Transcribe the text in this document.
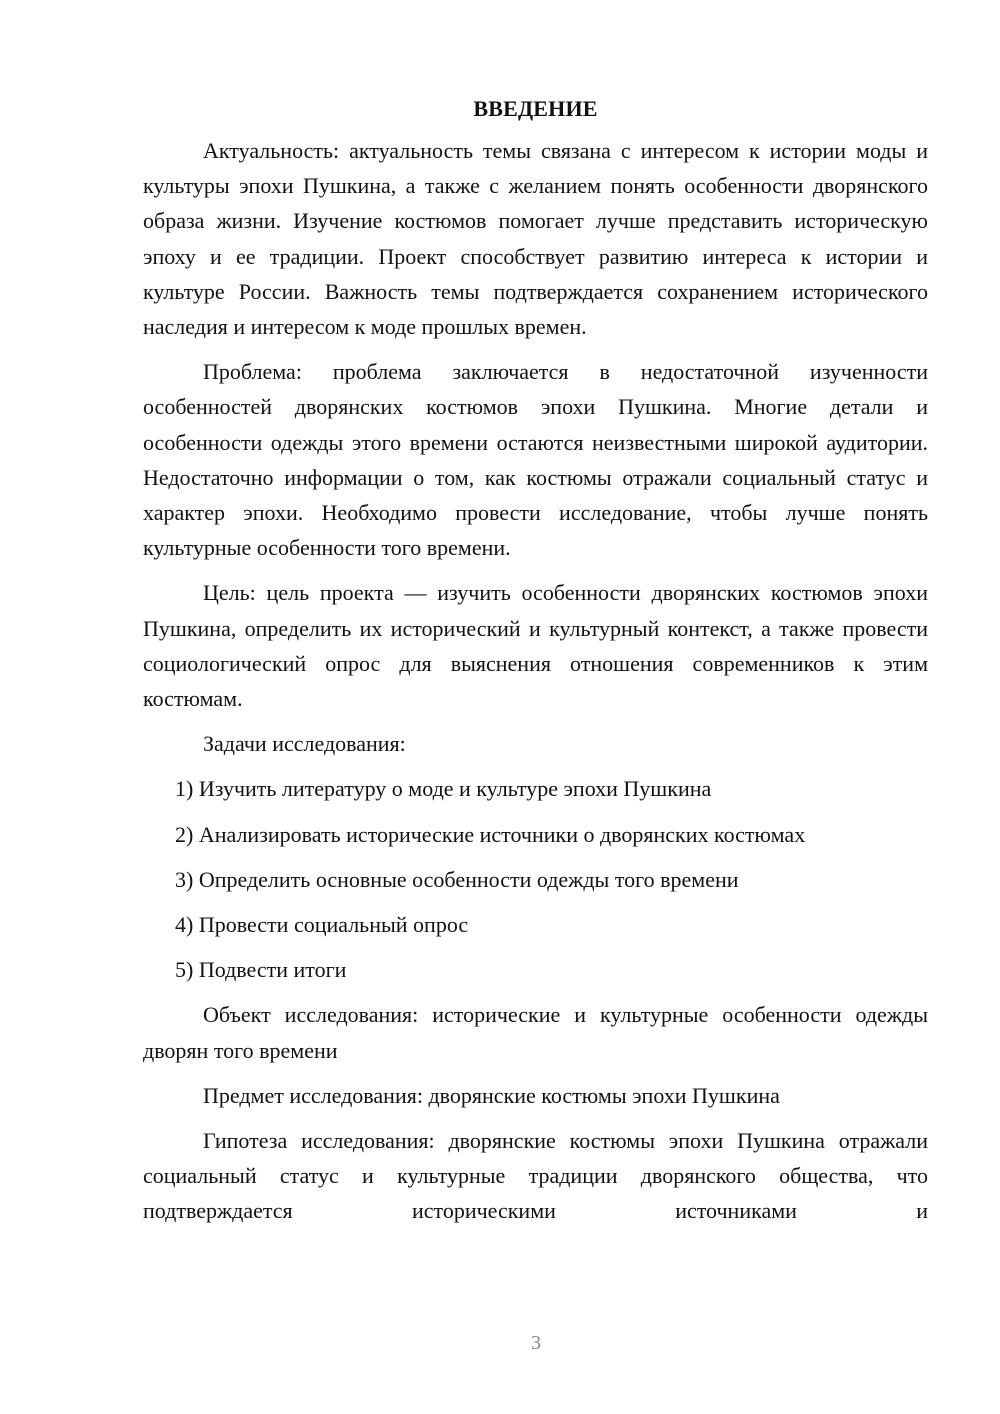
ВВЕДЕНИЕ

Актуальность: актуальность темы связана с интересом к истории моды и культуры эпохи Пушкина, а также с желанием понять особенности дворянского образа жизни. Изучение костюмов помогает лучше представить историческую эпоху и ее традиции. Проект способствует развитию интереса к истории и культуре России. Важность темы подтверждается сохранением исторического наследия и интересом к моде прошлых времен.

Проблема: проблема заключается в недостаточной изученности особенностей дворянских костюмов эпохи Пушкина. Многие детали и особенности одежды этого времени остаются неизвестными широкой аудитории. Недостаточно информации о том, как костюмы отражали социальный статус и характер эпохи. Необходимо провести исследование, чтобы лучше понять культурные особенности того времени.

Цель: цель проекта — изучить особенности дворянских костюмов эпохи Пушкина, определить их исторический и культурный контекст, а также провести социологический опрос для выяснения отношения современников к этим костюмам.

Задачи исследования:

1) Изучить литературу о моде и культуре эпохи Пушкина

2) Анализировать исторические источники о дворянских костюмах

3) Определить основные особенности одежды того времени

4) Провести социальный опрос

5) Подвести итоги

Объект исследования: исторические и культурные особенности одежды дворян того времени

Предмет исследования: дворянские костюмы эпохи Пушкина

Гипотеза исследования: дворянские костюмы эпохи Пушкина отражали социальный статус и культурные традиции дворянского общества, что подтверждается историческими источниками и

3
